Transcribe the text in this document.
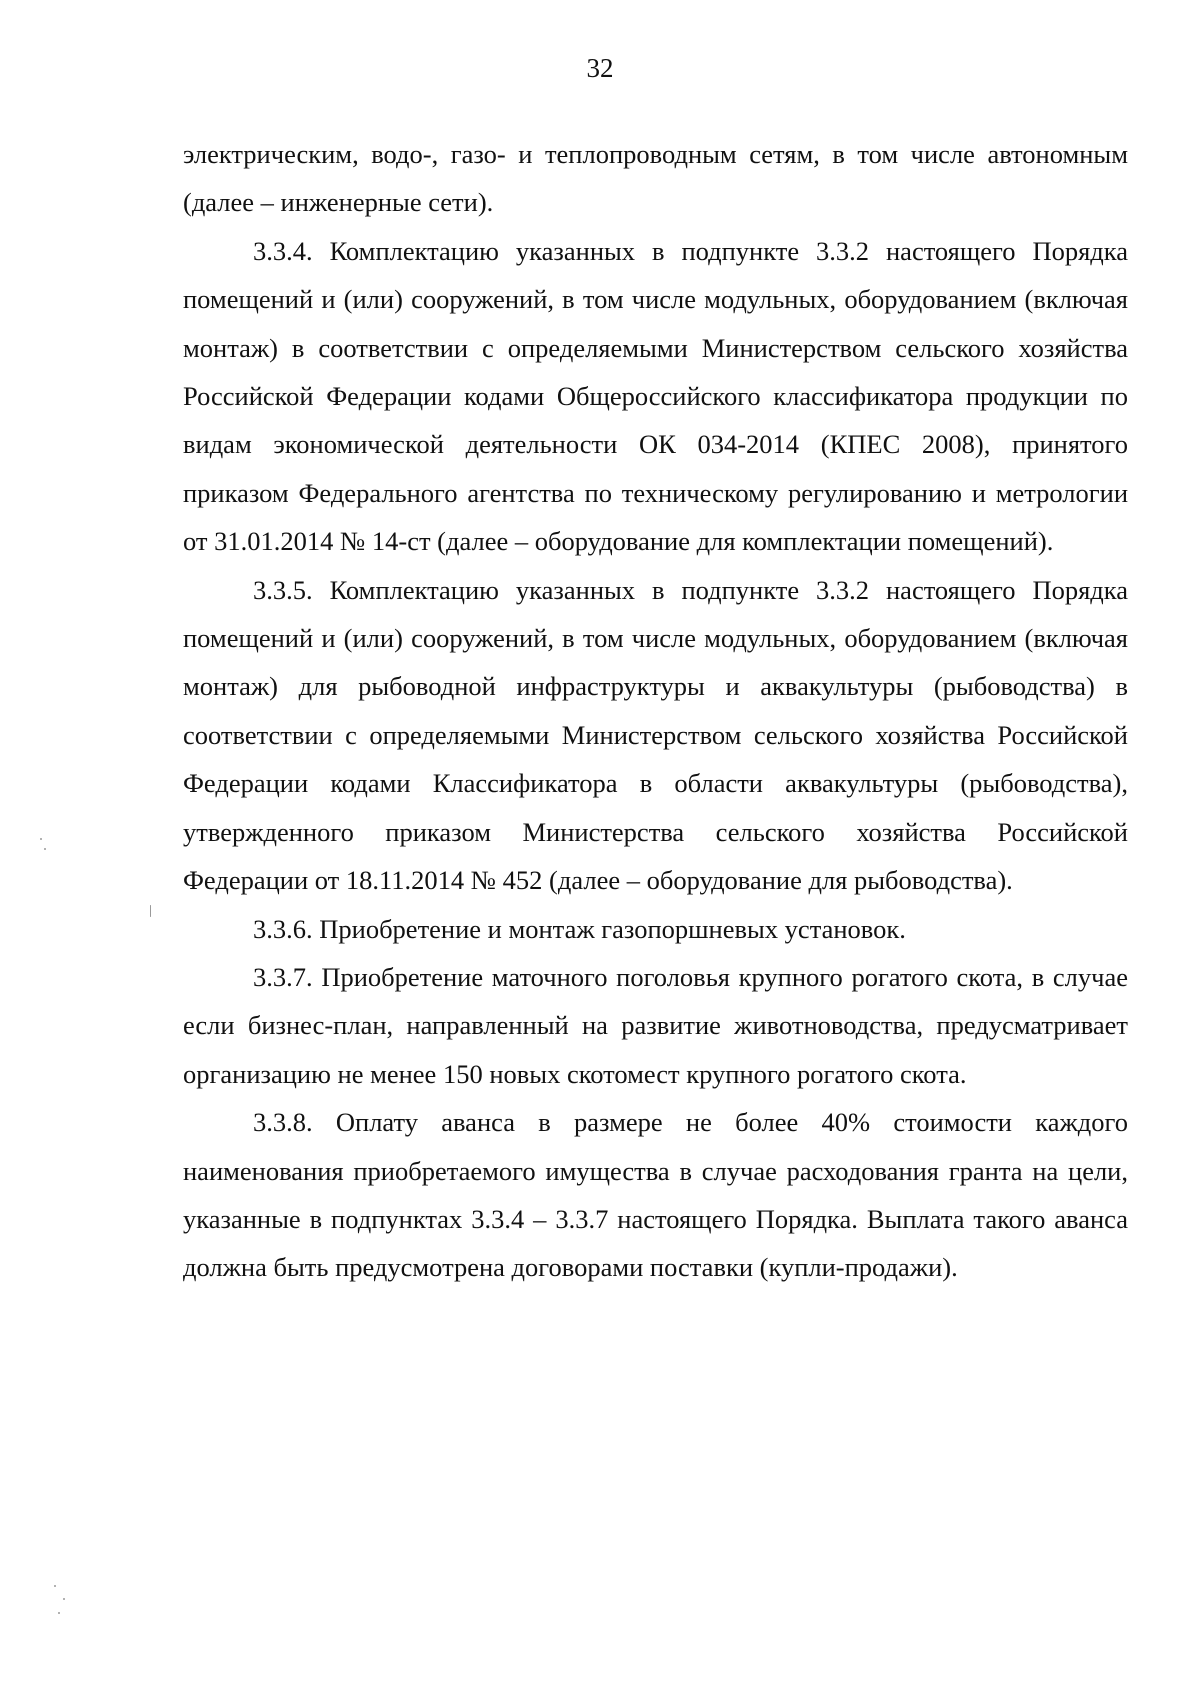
32

электрическим, водо-, газо- и теплопроводным сетям, в том числе автономным (далее – инженерные сети).

3.3.4. Комплектацию указанных в подпункте 3.3.2 настоящего Порядка помещений и (или) сооружений, в том числе модульных, оборудованием (включая монтаж) в соответствии с определяемыми Министерством сельского хозяйства Российской Федерации кодами Общероссийского классификатора продукции по видам экономической деятельности ОК 034-2014 (КПЕС 2008), принятого приказом Федерального агентства по техническому регулированию и метрологии от 31.01.2014 № 14-ст (далее – оборудование для комплектации помещений).

3.3.5. Комплектацию указанных в подпункте 3.3.2 настоящего Порядка помещений и (или) сооружений, в том числе модульных, оборудованием (включая монтаж) для рыбоводной инфраструктуры и аквакультуры (рыбоводства) в соответствии с определяемыми Министерством сельского хозяйства Российской Федерации кодами Классификатора в области аквакультуры (рыбоводства), утвержденного приказом Министерства сельского хозяйства Российской Федерации от 18.11.2014 № 452 (далее – оборудование для рыбоводства).

3.3.6. Приобретение и монтаж газопоршневых установок.

3.3.7. Приобретение маточного поголовья крупного рогатого скота, в случае если бизнес-план, направленный на развитие животноводства, предусматривает организацию не менее 150 новых скотомест крупного рогатого скота.

3.3.8. Оплату аванса в размере не более 40% стоимости каждого наименования приобретаемого имущества в случае расходования гранта на цели, указанные в подпунктах 3.3.4 – 3.3.7 настоящего Порядка. Выплата такого аванса должна быть предусмотрена договорами поставки (купли-продажи).
